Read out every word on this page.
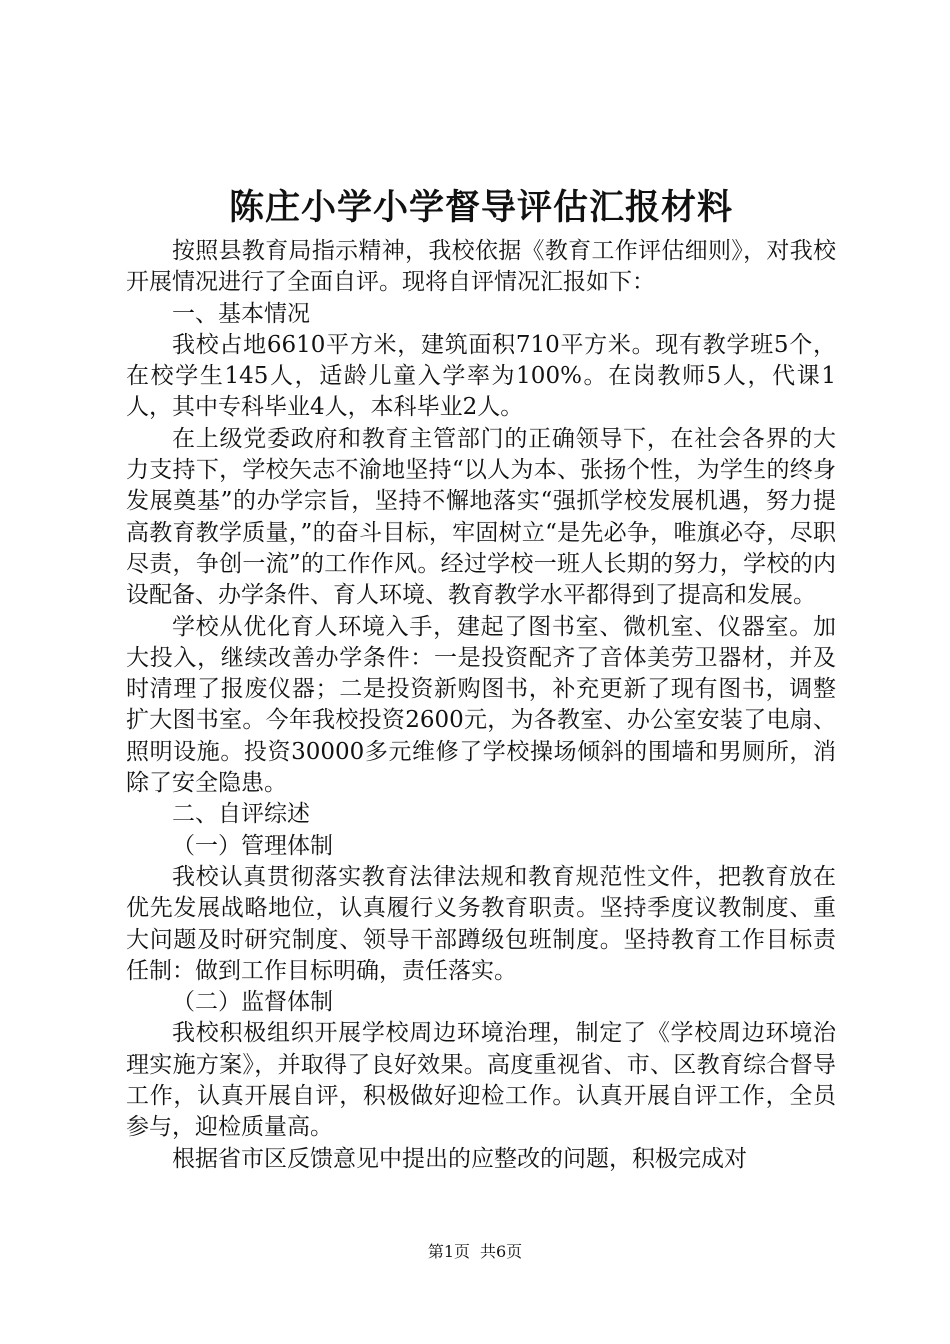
陈庄小学小学督导评估汇报材料

按照县教育局指示精神，我校依据《教育工作评估细则》，对我校开展情况进行了全面自评。现将自评情况汇报如下：

一、基本情况

我校占地6610平方米，建筑面积710平方米。现有教学班5个，在校学生145人，适龄儿童入学率为100%。在岗教师5人，代课1人，其中专科毕业4人，本科毕业2人。

在上级党委政府和教育主管部门的正确领导下，在社会各界的大力支持下，学校矢志不渝地坚持“以人为本、张扬个性，为学生的终身发展奠基”的办学宗旨，坚持不懈地落实“强抓学校发展机遇，努力提高教育教学质量，”的奋斗目标，牢固树立“是先必争，唯旗必夺，尽职尽责，争创一流”的工作作风。经过学校一班人长期的努力，学校的内设配备、办学条件、育人环境、教育教学水平都得到了提高和发展。

学校从优化育人环境入手，建起了图书室、微机室、仪器室。加大投入，继续改善办学条件：一是投资配齐了音体美劳卫器材，并及时清理了报废仪器；二是投资新购图书，补充更新了现有图书，调整扩大图书室。今年我校投资2600元，为各教室、办公室安装了电扇、照明设施。投资30000多元维修了学校操场倾斜的围墙和男厕所，消除了安全隐患。

二、自评综述

（一）管理体制

我校认真贯彻落实教育法律法规和教育规范性文件，把教育放在优先发展战略地位，认真履行义务教育职责。坚持季度议教制度、重大问题及时研究制度、领导干部蹲级包班制度。坚持教育工作目标责任制：做到工作目标明确，责任落实。

（二）监督体制

我校积极组织开展学校周边环境治理，制定了《学校周边环境治理实施方案》，并取得了良好效果。高度重视省、市、区教育综合督导工作，认真开展自评，积极做好迎检工作。认真开展自评工作，全员参与，迎检质量高。

根据省市区反馈意见中提出的应整改的问题，积极完成对

第1页 共6页
